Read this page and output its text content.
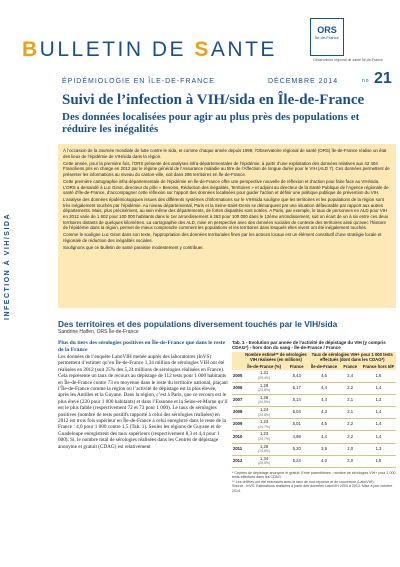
ORS
Île-de-France
Observatoire régional de santé Île-de-France
BULLETIN DE SANTE
ÉPIDÉMIOLOGIE EN ÎLE-DE-FRANCE	DÉCEMBRE 2014	no 21
INFECTION À VIH/SIDA
Suivi de l’infection à VIH/sida en Île-de-France
Des données localisées pour agir au plus près des populations et réduire les inégalités

À l’occasion de la Journée mondiale de lutte contre le sida, et comme chaque année depuis 1999, l’Observatoire régional de santé (ORS) Île-de-France réalise un état des lieux de l’épidémie de VIH/sida dans la région.

Cette année, pour la première fois, l’ORS présente des analyses infra-départementales de l’épidémie, à partir d’une exploitation des données relatives aux 42 404 Franciliens pris en charge en 2012 par le régime général de l’Assurance maladie au titre de l’Affection de longue durée pour le VIH (ALD 7). Ces données permettent de présenter les informations au niveau du canton-ville, soit dans 286 territoires en Île-de-France.

Cette première cartographie infra-départementale de l’épidémie en Île-de-France offre une perspective nouvelle de réflexion et d’action pour faire face au VIH/sida. L’ORS a demandé à Luc Ginot, directeur du pôle « Besoins, Réduction des inégalités, Territoires » et adjoint au directeur de la Santé Publique de l’Agence régionale de santé d’Île-de-France, d’accompagner cette réflexion sur l’apport des données localisées pour guider l’action et définir une politique publique de prévention du VIH.

L’analyse des données épidémiologiques issues des différents systèmes d’informations sur le VIH/sida souligne que les territoires et les populations de la région sont très inégalement touchés par l’épidémie. Au niveau départemental, Paris et la Seine-Saint-Denis se démarquent par une situation défavorable par rapport aux autres départements. Mais, plus précisément, au sein même des départements, de fortes disparités sont notées. A Paris, par exemple, le taux de personnes en ALD pour VIH en 2012 varie de 1 602 pour 100 000 habitants dans le 1er arrondissement à 263 pour 100 000 dans le 12ème arrondissement, soit un écart de un à six entre ces deux territoires distants de quelques kilomètres. La cartographie des ALD, mise en perspective avec des données sociales de contexte des territoires ainsi qu’avec l’histoire de l’épidémie dans la région, permet de mieux comprendre comment les populations et les territoires dans lesquels elles vivent ont été inégalement touchés.

Comme le souligne Luc Ginot dans son texte, l’appropriation des données territoriales fines par les acteurs locaux est un élément constitutif d’une stratégie locale et régionale de réduction des inégalités sociales.

Soulignons que ce Bulletin de santé paraisse modestement y contribuer.

Des territoires et des populations diversement touchés par le VIH/sida
Sandrine Halfen, ORS Île-de-France
Plus du tiers des sérologies positives en Île-de-France que dans le reste de la France

Les données de l’enquête LaboVIH menée auprès des laboratoires (InVS) permettent d’estimer qu’en Île-de-France 1,34 million de sérologies VIH ont été réalisées en 2012 (soit 25% des 5,24 millions de sérologies réalisées en France). Cela représente un taux de recours au dépistage de 112 tests pour 1 000 habitants en Île-de-France contre 73 en moyenne dans le reste du territoire national, plaçant l’Île-de-France comme la région où l’activité de dépistage est la plus élevée, après les Antilles et la Guyane. Dans la région, c’est à Paris, que ce recours est le plus élevé (220 pour 1 000 habitants) et dans l’Essonne et la Seine-et-Marne qu’il est le plus faible (respectivement 72 et 73 pour 1 000). Le taux de sérologies positives (nombre de tests positifs rapporté à celui des sérologies réalisées) en 2012 est trois fois supérieur en Île-de-France à celui enregistré dans le reste de la France : 4,0 pour 1 000 contre 1,5 (Tab. 1). Seules les régions de Guyane et de Guadeloupe enregistrent des taux supérieurs (respectivement 8,3 et 4,4 pour 1 000). Si, le nombre total de sérologies réalisées dans les Centres de dépistage anonyme et gratuit (CDAG) est relativement

Tab. 1 - Evolution par année de l’activité de dépistage du VIH (y compris CDAG*) - hors don du sang - Île-de-France / France
	Nombre estimé** de sérologies VIH réalisées (en millions)		Taux de sérologies VIH+ pour 1 000 tests effectués (dont dans les CDAG*)		
	Île-de-France (%)	France	Île-de-France	France	France hors IdF
2005	1,31
(25,4%)	5,43	4,6	2,4	1,6
2006	1,28
(24,8%)	5,17	4,4	2,2	1,4
2007	1,26
(24,5%)	5,14	4,4	2,1	1,3
2008	1,24
(24,6%)	5,04	4,3	2,1	1,4
2009	1,23
(24,7%)	5,01	4,5	2,2	1,4
2010	1,23
(24,7%)	4,98	4,4	2,2	1,4
2011	1,28
(24,6%)	5,20	3,9	2,0	1,3
2012	1,34
(25,5%)	5,24	4,0	2,0	1,5
* Centres de dépistage anonyme et gratuit. Entre parenthèses : nombre de sérologies VIH+ pour 1 000 tests effectués dans les CDAG.
** Les chiffres ont été redressés avec le taux de non-réponse et de couverture (LaboVIH).
Source : InVS. Estimations réalisées à partir des données LaboVIH 2003 à 2013. Mise à jour octobre 2014.
